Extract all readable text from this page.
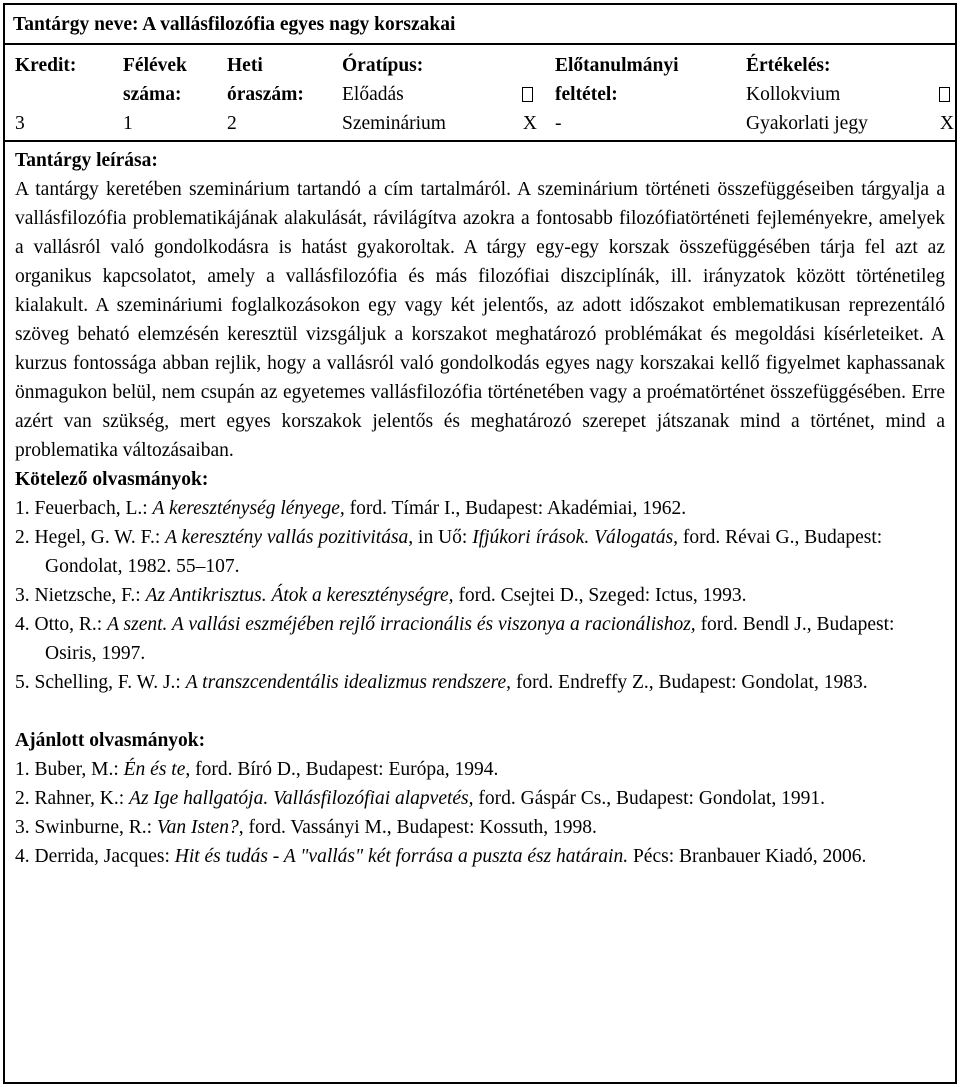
Tantárgy neve: A vallásfilozófia egyes nagy korszakai
Kredit:
3
Félévek
száma:
1
Heti
óraszám:
2
Óratípus:
Előadás
Szeminárium	X
Előtanulmányi
feltétel:
-
Értékelés:
Kollokvium
Gyakorlati jegy	X
Tantárgy leírása:

A tantárgy keretében szeminárium tartandó a cím tartalmáról. A szeminárium történeti összefüggéseiben tárgyalja a vallásfilozófia problematikájának alakulását, rávilágítva azokra a fontosabb filozófiatörténeti fejleményekre, amelyek a vallásról való gondolkodásra is hatást gyakoroltak. A tárgy egy-egy korszak összefüggésében tárja fel azt az organikus kapcsolatot, amely a vallásfilozófia és más filozófiai diszciplínák, ill. irányzatok között történetileg kialakult. A szemináriumi foglalkozásokon egy vagy két jelentős, az adott időszakot emblematikusan reprezentáló szöveg beható elemzésén keresztül vizsgáljuk a korszakot meghatározó problémákat és megoldási kísérleteiket. A kurzus fontossága abban rejlik, hogy a vallásról való gondolkodás egyes nagy korszakai kellő figyelmet kaphassanak önmagukon belül, nem csupán az egyetemes vallásfilozófia történetében vagy a proématörténet összefüggésében. Erre azért van szükség, mert egyes korszakok jelentős és meghatározó szerepet játszanak mind a történet, mind a problematika változásaiban.

Kötelező olvasmányok:
1. Feuerbach, L.: A kereszténység lényege, ford. Tímár I., Budapest: Akadémiai, 1962.
2. Hegel, G. W. F.: A keresztény vallás pozitivitása, in Uő: Ifjúkori írások. Válogatás, ford. Révai G., Budapest: Gondolat, 1982. 55–107.
3. Nietzsche, F.: Az Antikrisztus. Átok a kereszténységre, ford. Csejtei D., Szeged: Ictus, 1993.
4. Otto, R.: A szent. A vallási eszméjében rejlő irracionális és viszonya a racionálishoz, ford. Bendl J., Budapest: Osiris, 1997.
5. Schelling, F. W. J.: A transzcendentális idealizmus rendszere, ford. Endreffy Z., Budapest: Gondolat, 1983.
Ajánlott olvasmányok:
1. Buber, M.: Én és te, ford. Bíró D., Budapest: Európa, 1994.
2. Rahner, K.: Az Ige hallgatója. Vallásfilozófiai alapvetés, ford. Gáspár Cs., Budapest: Gondolat, 1991.
3. Swinburne, R.: Van Isten?, ford. Vassányi M., Budapest: Kossuth, 1998.
4. Derrida, Jacques: Hit és tudás - A "vallás" két forrása a puszta ész határain. Pécs: Branbauer Kiadó, 2006.
